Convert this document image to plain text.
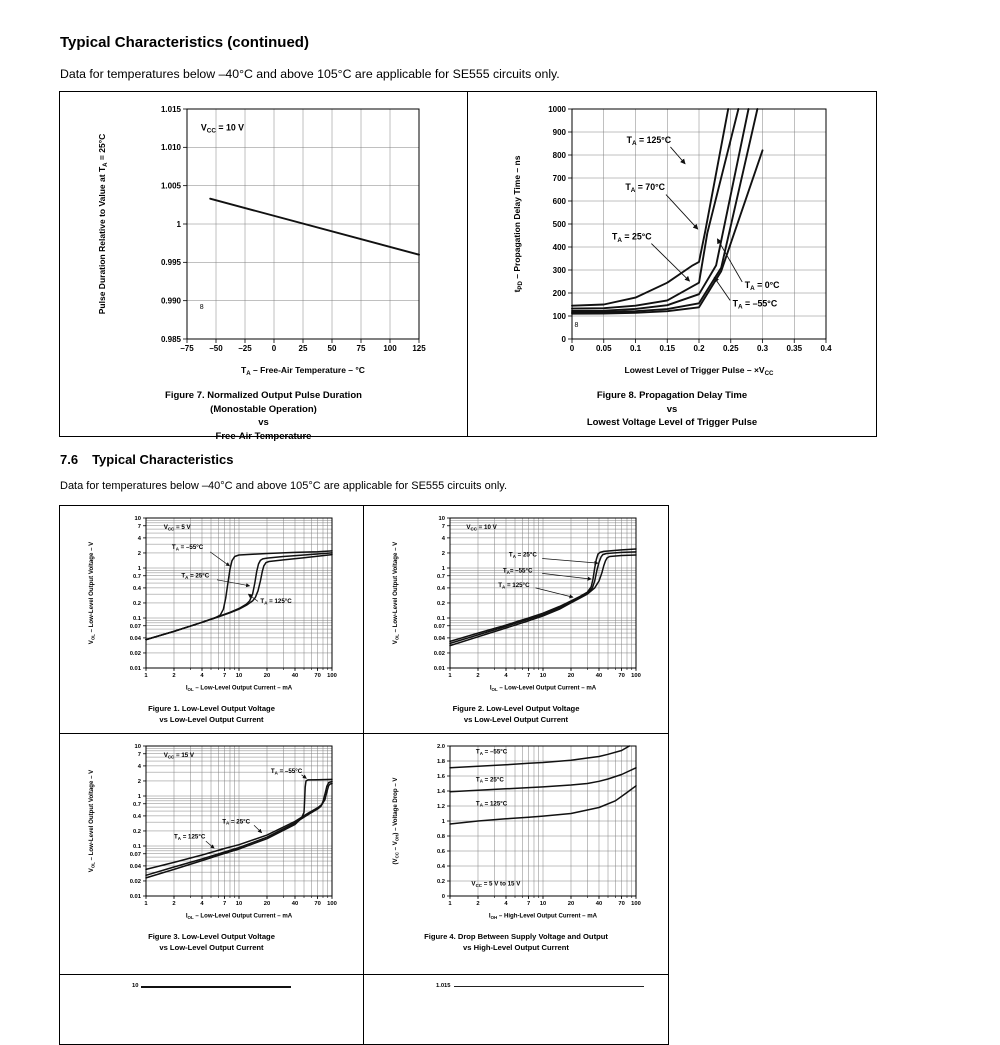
Typical Characteristics (continued)
Data for temperatures below –40°C and above 105°C are applicable for SE555 circuits only.
–75 –50 –25	0	25	50	75 100 125
0.985
0.990
0.995
1
1.005
1.010
1.015
$T_A$ – Free-Air Temperature – °C
Pulse Duration Relative to Value at $T_A = 25^\circ C$
$V_{CC} = 10$ V
8
Figure 7. Normalized Output Pulse Duration
(Monostable Operation)
vs
Free-Air Temperature
0	0.05 0.1 0.15 0.2 0.25 0.3 0.35 0.4
0
100
200
300
400
500
600
700
800
900
1000
Lowest Level of Trigger Pulse – $\times V_{CC}$
$t_{PD}$ – Propagation Delay Time – ns
$T_A = 125^\circ C$
$T_A = 70^\circ C$
$T_A = 25^\circ C$
$T_A = 0^\circ C$
$T_A = -55^\circ C$
8
Figure 8. Propagation Delay Time
vs
Lowest Voltage Level of Trigger Pulse
7.6 Typical Characteristics
Data for temperatures below –40°C and above 105°C are applicable for SE555 circuits only.
1	2	4	7 10	20	40	70 100
10
7
4
2
1
0.7
0.4
0.2
0.1
0.07
0.04
0.02
0.01
$I_{OL}$ – Low-Level Output Current – mA
$V_{OL}$ – Low-Level Output Voltage – V
$V_{CC} = 5$ V
$T_A = -55^\circ C$
$T_A = 25^\circ C$
$T_A = 125^\circ C$
Figure 1. Low-Level Output Voltage
vs Low-Level Output Current
1	2	4	7 10	20	40	70 100
10
7
4
2
1
0.7
0.4
0.2
0.1
0.07
0.04
0.02
0.01
$I_{OL}$ – Low-Level Output Current – mA
$V_{OL}$ – Low-Level Output Voltage – V
$V_{CC} = 10$ V
$T_A = 25^\circ C$
$T_A= -55^\circ C$
$T_A = 125^\circ C$
Figure 2. Low-Level Output Voltage
vs Low-Level Output Current
1	2	4	7 10	20	40	70 100
10
7
4
2
1
0.7
0.4
0.2
0.1
0.07
0.04
0.02
0.01
$I_{OL}$ – Low-Level Output Current – mA
$V_{OL}$ – Low-Level Output Voltage – V
$V_{CC} = 15$ V
$T_A = -55^\circ C$
$T_A = 25^\circ C$
$T_A = 125^\circ C$
Figure 3. Low-Level Output Voltage
vs Low-Level Output Current
1	2	4	7 10	20	40	70 100
0
0.2
0.4
0.6
0.8
1
1.2
1.4
1.6
1.8
2.0
$I_{OH}$ – High-Level Output Current – mA
$(V_{CC} - V_{OH})$ – Voltage Drop – V
$T_A = -55^\circ C$
$T_A = 25^\circ C$
$T_A = 125^\circ C$
$V_{CC} = 5$ V to 15 V
Figure 4. Drop Between Supply Voltage and Output
vs High-Level Output Current
10	1.015
